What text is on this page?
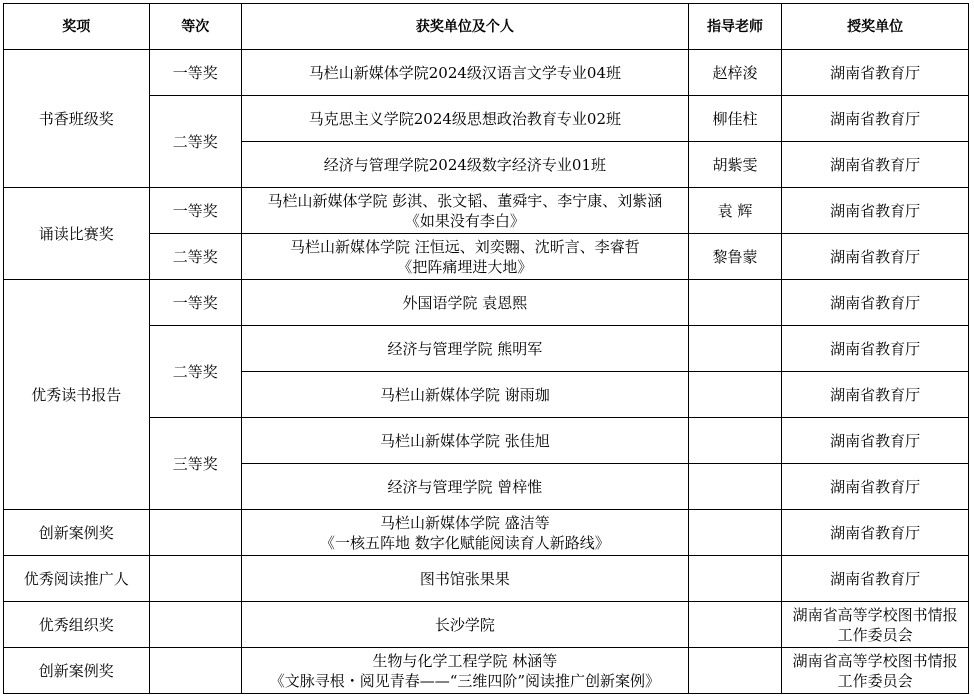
奖项	等次	获奖单位及个人	指导老师	授奖单位
书香班级奖	一等奖	马栏山新媒体学院2024级汉语言文学专业04班	赵梓浚	湖南省教育厅

	二等奖	马克思主义学院2024级思想政治教育专业02班	柳佳柱	湖南省教育厅

		经济与管理学院2024级数字经济专业01班	胡紫雯	湖南省教育厅

诵读比赛奖	一等奖	马栏山新媒体学院 彭淇、张文韬、董舜宇、李宁康、刘紫涵
《如果没有李白》	袁 辉	湖南省教育厅

	二等奖	马栏山新媒体学院 汪恒远、刘奕翾、沈昕言、李睿哲
《把阵痛埋进大地》	黎鲁蒙	湖南省教育厅

优秀读书报告	一等奖	外国语学院 袁恩熙		湖南省教育厅

	二等奖	经济与管理学院 熊明军		湖南省教育厅

		马栏山新媒体学院 谢雨珈		湖南省教育厅

	三等奖	马栏山新媒体学院 张佳旭		湖南省教育厅

		经济与管理学院 曾梓惟		湖南省教育厅

创新案例奖		马栏山新媒体学院 盛洁等
《一核五阵地 数字化赋能阅读育人新路线》		湖南省教育厅

优秀阅读推广人		图书馆张果果		湖南省教育厅

优秀组织奖		长沙学院		湖南省高等学校图书情报
工作委员会

创新案例奖		生物与化学工程学院 林涵等
《文脉寻根・阅见青春——“三维四阶”阅读推广创新案例》		湖南省高等学校图书情报
工作委员会
